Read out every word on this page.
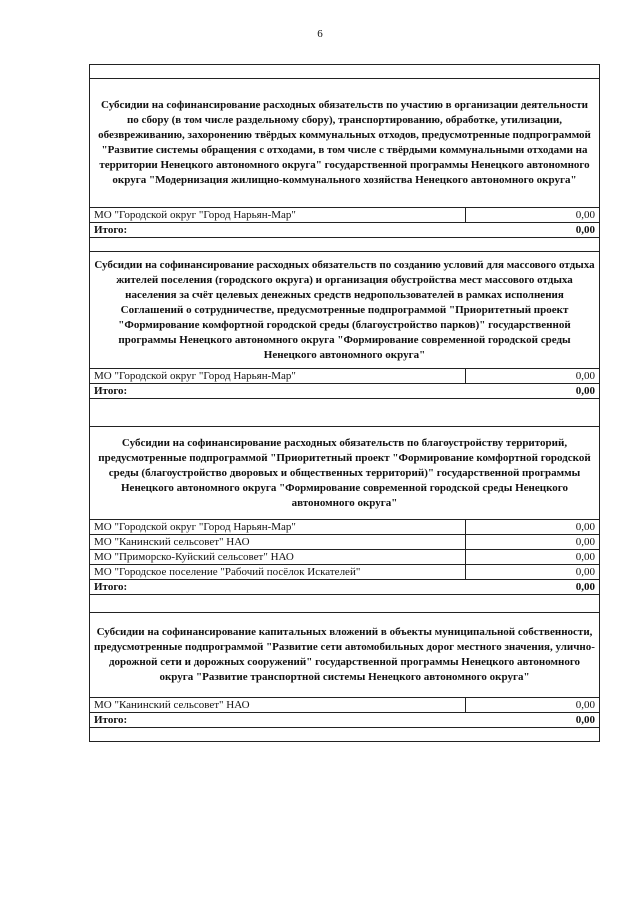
6

Субсидии на софинансирование расходных обязательств по участию в организации деятельности по сбору (в том числе раздельному сбору), транспортированию, обработке, утилизации, обезвреживанию, захоронению твёрдых коммунальных отходов, предусмотренные подпрограммой "Развитие системы обращения с отходами, в том числе с твёрдыми коммунальными отходами на территории Ненецкого автономного округа" государственной программы Ненецкого автономного округа "Модернизация жилищно-коммунального хозяйства Ненецкого автономного округа"	
МО "Городской округ "Город Нарьян-Мар"	0,00
Итого:	0,00

Субсидии на софинансирование расходных обязательств по созданию условий для массового отдыха жителей поселения (городского округа) и организация обустройства мест массового отдыха населения за счёт целевых денежных средств недропользователей в рамках исполнения Соглашений о сотрудничестве, предусмотренные подпрограммой "Приоритетный проект "Формирование комфортной городской среды (благоустройство парков)" государственной программы Ненецкого автономного округа "Формирование современной городской среды Ненецкого автономного округа"	
МО "Городской округ "Город Нарьян-Мар"	0,00
Итого:	0,00

Субсидии на софинансирование расходных обязательств по благоустройству территорий, предусмотренные подпрограммой "Приоритетный проект "Формирование комфортной городской среды (благоустройство дворовых и общественных территорий)" государственной программы Ненецкого автономного округа "Формирование современной городской среды Ненецкого автономного округа"	
МО "Городской округ "Город Нарьян-Мар"	0,00
МО "Канинский сельсовет" НАО	0,00
МО "Приморско-Куйский сельсовет" НАО	0,00
МО "Городское поселение "Рабочий посёлок Искателей"	0,00
Итого:	0,00

Субсидии на софинансирование капитальных вложений в объекты муниципальной собственности, предусмотренные подпрограммой "Развитие сети автомобильных дорог местного значения, улично-дорожной сети и дорожных сооружений" государственной программы Ненецкого автономного округа "Развитие транспортной системы Ненецкого автономного округа"	
МО "Канинский сельсовет" НАО	0,00
Итого:	0,00
